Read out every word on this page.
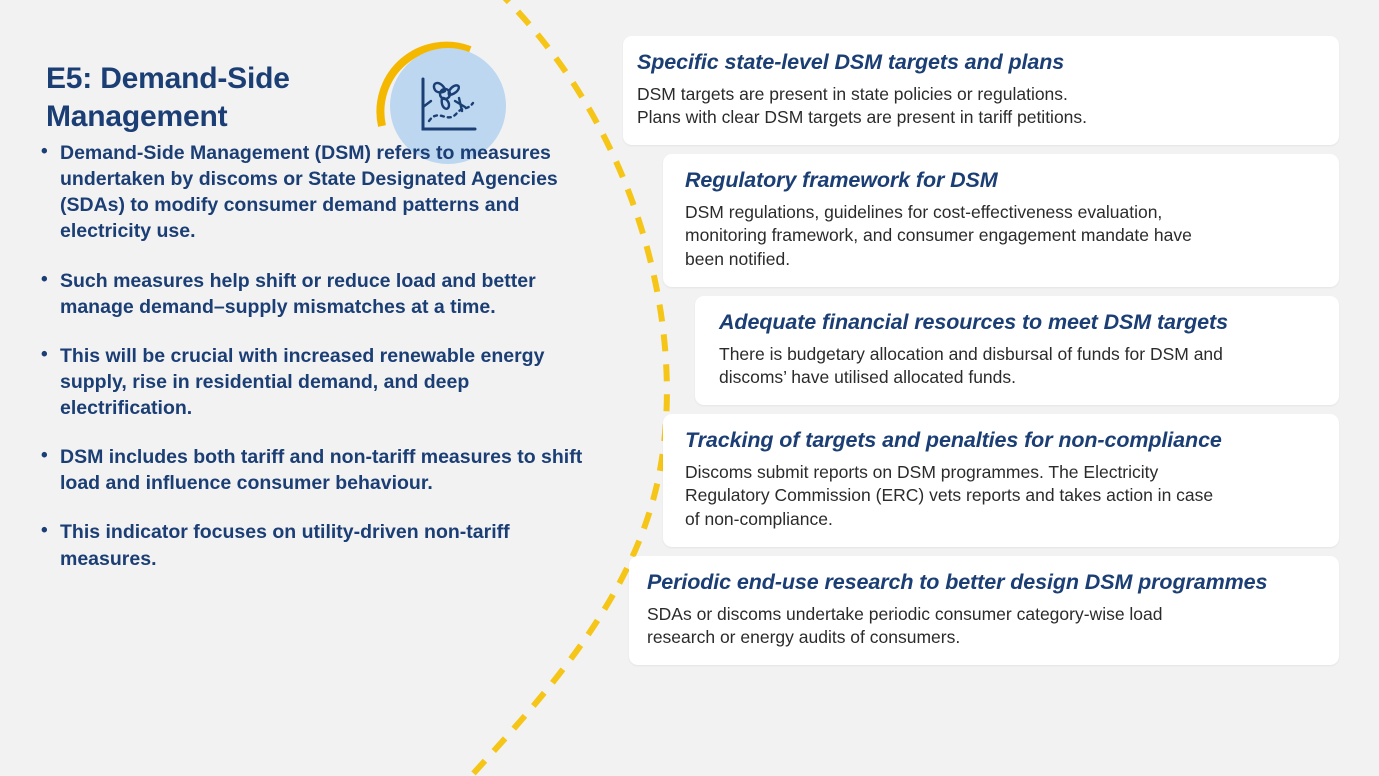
E5: Demand-Side Management
• Demand-Side Management (DSM) refers to measures undertaken by discoms or State Designated Agencies (SDAs) to modify consumer demand patterns and electricity use.
• Such measures help shift or reduce load and better manage demand–supply mismatches at a time.
• This will be crucial with increased renewable energy supply, rise in residential demand, and deep electrification.
• DSM includes both tariff and non-tariff measures to shift load and influence consumer behaviour.
• This indicator focuses on utility-driven non-tariff measures.
Specific state-level DSM targets and plans
DSM targets are present in state policies or regulations.
Plans with clear DSM targets are present in tariff petitions.
Regulatory framework for DSM
DSM regulations, guidelines for cost-effectiveness evaluation,
monitoring framework, and consumer engagement mandate have
been notified.
Adequate financial resources to meet DSM targets
There is budgetary allocation and disbursal of funds for DSM and
discoms’ have utilised allocated funds.
Tracking of targets and penalties for non-compliance
Discoms submit reports on DSM programmes. The Electricity
Regulatory Commission (ERC) vets reports and takes action in case
of non-compliance.
Periodic end-use research to better design DSM programmes
SDAs or discoms undertake periodic consumer category-wise load
research or energy audits of consumers.
